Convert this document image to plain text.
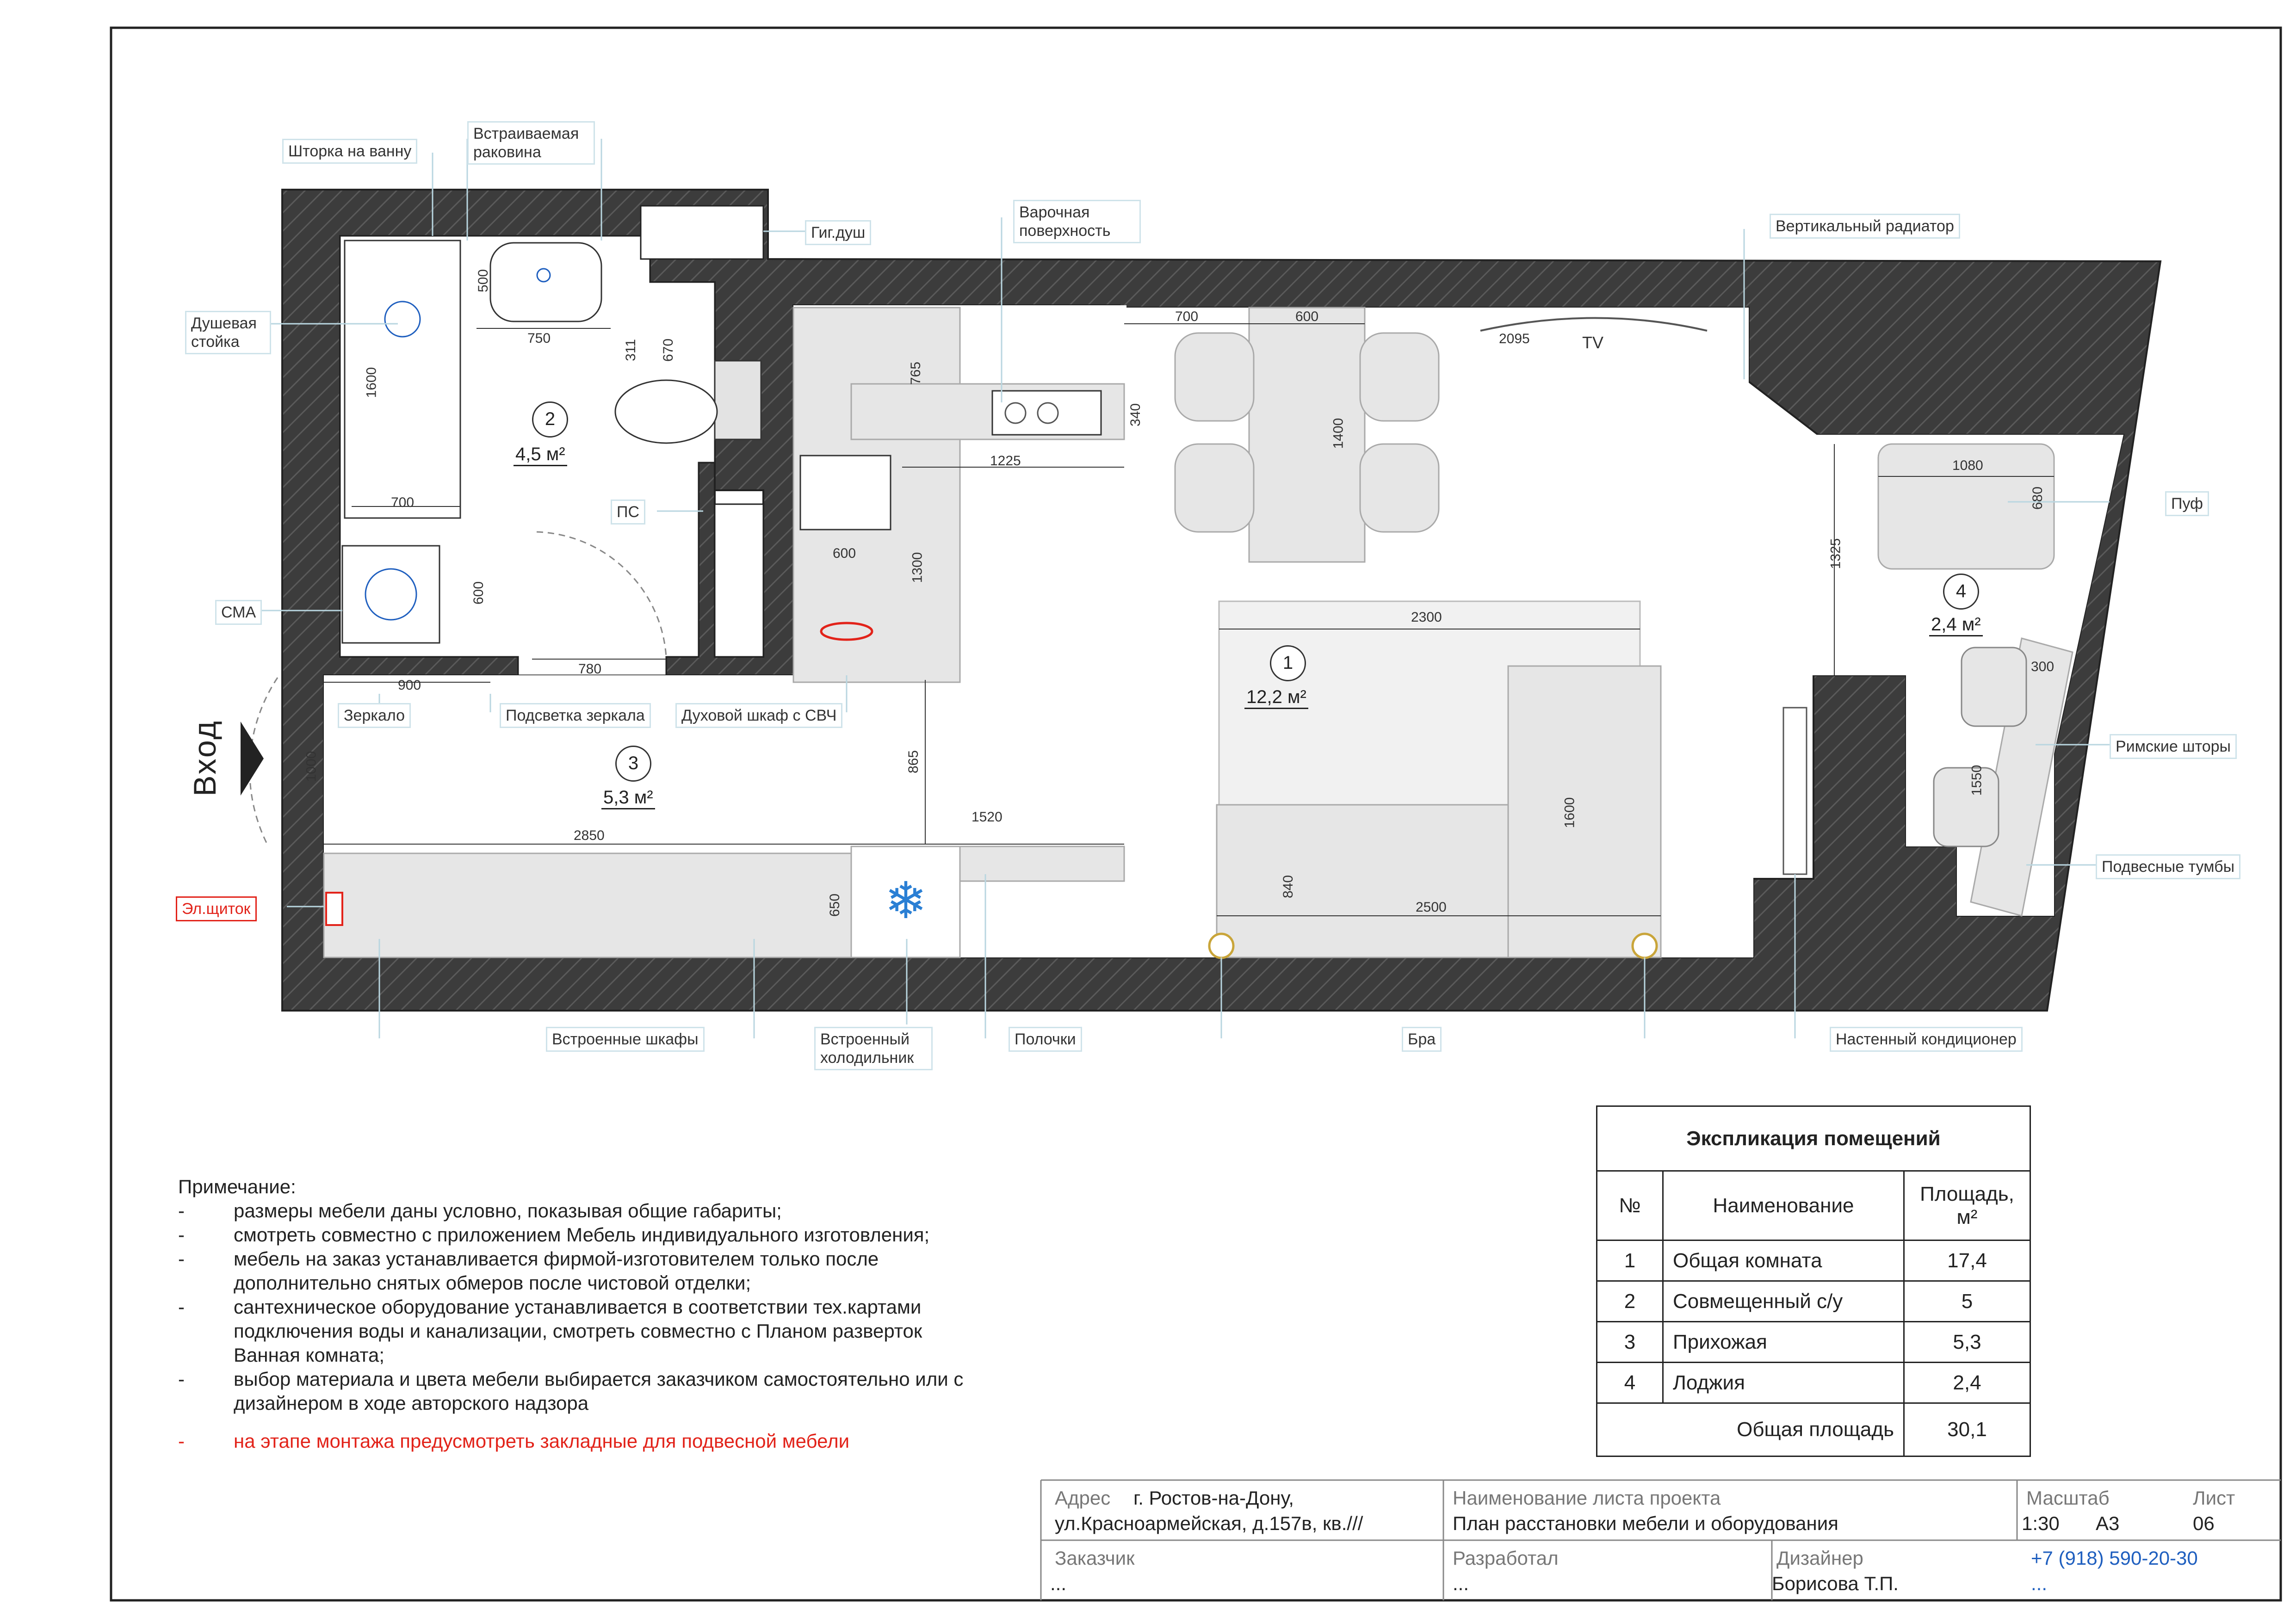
❄
Шторка на ванну
Встраиваемая раковина
Гиг.душ
Варочная поверхность	Вертикальный радиатор
Душевая стойка
ПС
СМА
Пуф
Римские шторы
Подвесные тумбы
Зеркало	Подсветка зеркала	Духовой шкаф с СВЧ
Эл.щиток
Встроенные шкафы	Встроенный холодильник
Полочки	Бра	Настенный кондиционер
TV
Вход
500
750
311 670
1600
700
600
780
900
1000
2850
650
765
340
1225
600	1300
865
1520
700	600
1400
2095
2300
1600
840
2500
1325
1080
680
300
1550
1
12,2 м²
2
4,5 м²
3
5,3 м²
4
2,4 м²
Примечание:
-	размеры мебели даны условно, показывая общие габариты;
-	смотреть совместно с приложением Мебель индивидуального изготовления;
-	мебель на заказ устанавливается фирмой-изготовителем только после дополнительно снятых обмеров после чистовой отделки;
-	сантехническое оборудование устанавливается в соответствии тех.картами подключения воды и канализации, смотреть совместно с Планом разверток Ванная комната;
-	выбор материала и цвета мебели выбирается заказчиком самостоятельно или с дизайнером в ходе авторского надзора
-	на этапе монтажа предусмотреть закладные для подвесной мебели
Экспликация помещений		
№	Наименование	Площадь, м²
1	Общая комната	17,4
2	Совмещенный с/у	5
3	Прихожая	5,3
4	Лоджия	2,4
Общая площадь		30,1
Адрес г. Ростов-на-Дону,
ул.Красноармейская, д.157в, кв.///
Наименование листа проекта
План расстановки мебели и оборудования
Масштаб
1:30 А3
Лист
06
Заказчик
...
Разработал
...
Дизайнер
Борисова Т.П.
+7 (918) 590-20-30
...
